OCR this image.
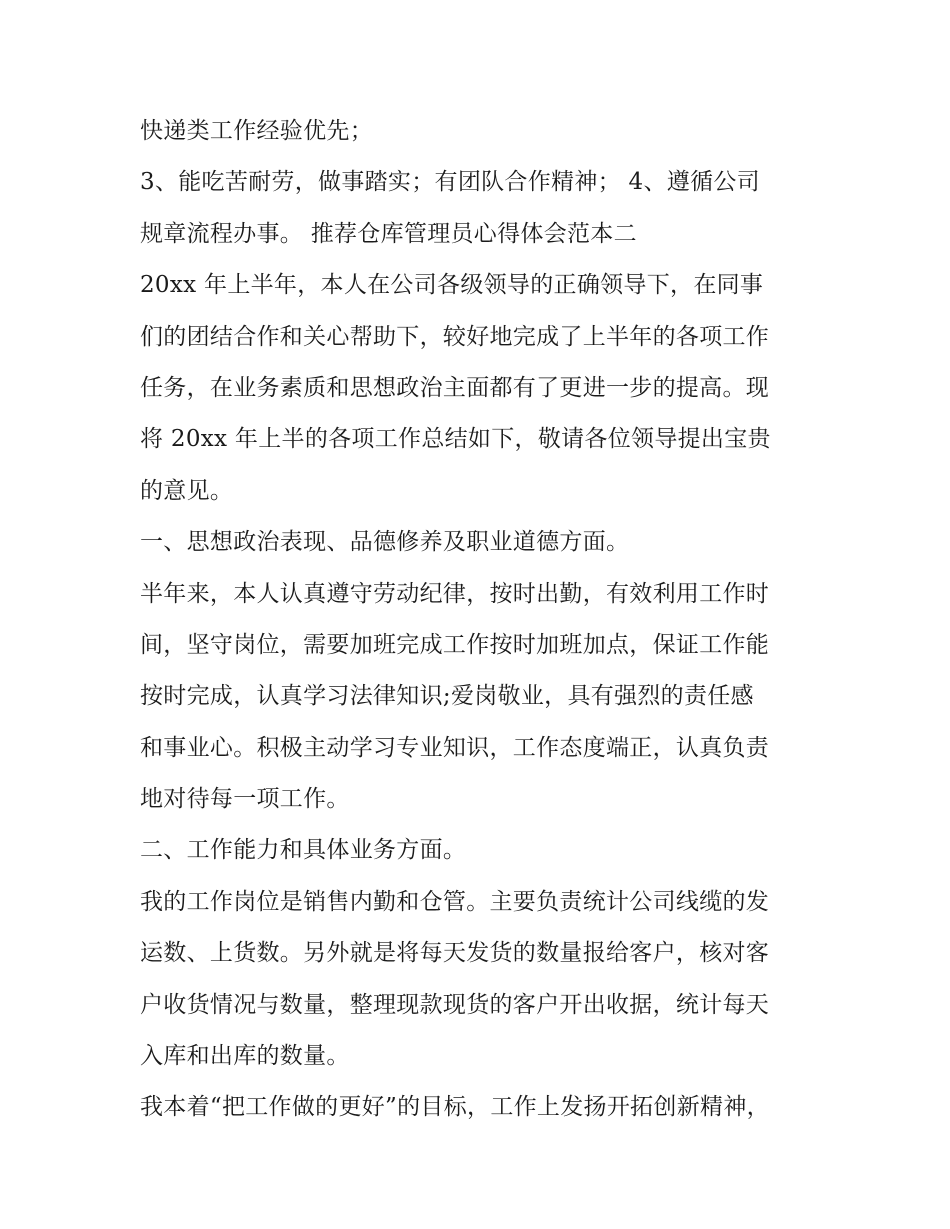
快递类工作经验优先；
3、能吃苦耐劳，做事踏实；有团队合作精神； 4、遵循公司
规章流程办事。 推荐仓库管理员心得体会范本二
20xx 年上半年，本人在公司各级领导的正确领导下，在同事
们的团结合作和关心帮助下，较好地完成了上半年的各项工作
任务，在业务素质和思想政治主面都有了更进一步的提高。现
将 20xx 年上半的各项工作总结如下，敬请各位领导提出宝贵
的意见。
一、思想政治表现、品德修养及职业道德方面。
半年来，本人认真遵守劳动纪律，按时出勤，有效利用工作时
间，坚守岗位，需要加班完成工作按时加班加点，保证工作能
按时完成，认真学习法律知识;爱岗敬业，具有强烈的责任感
和事业心。积极主动学习专业知识，工作态度端正，认真负责
地对待每一项工作。
二、工作能力和具体业务方面。
我的工作岗位是销售内勤和仓管。主要负责统计公司线缆的发
运数、上货数。另外就是将每天发货的数量报给客户，核对客
户收货情况与数量，整理现款现货的客户开出收据，统计每天
入库和出库的数量。
我本着“把工作做的更好”的目标，工作上发扬开拓创新精神，
